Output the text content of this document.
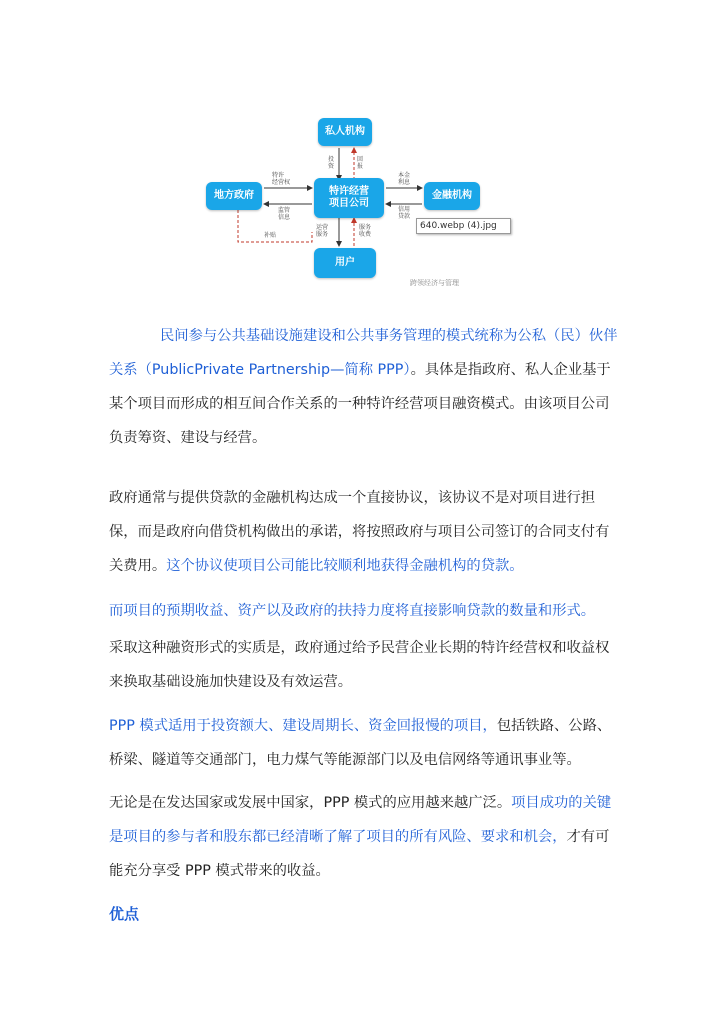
私人机构
地方政府	特许经营
项目公司
金融机构
用户
投
资
回
报
特许
经营权
监管
信息
补贴
本金
利息
信用
贷款
运营
服务
服务
收费
640.webp (4).jpg
跨领经济与管理
民间参与公共基础设施建设和公共事务管理的模式统称为公私（民）伙伴关系（PublicPrivate Partnership—简称 PPP）。具体是指政府、私人企业基于某个项目而形成的相互间合作关系的一种特许经营项目融资模式。由该项目公司负责筹资、建设与经营。
政府通常与提供贷款的金融机构达成一个直接协议，该协议不是对项目进行担保，而是政府向借贷机构做出的承诺，将按照政府与项目公司签订的合同支付有关费用。这个协议使项目公司能比较顺利地获得金融机构的贷款。
而项目的预期收益、资产以及政府的扶持力度将直接影响贷款的数量和形式。
采取这种融资形式的实质是，政府通过给予民营企业长期的特许经营权和收益权来换取基础设施加快建设及有效运营。
PPP 模式适用于投资额大、建设周期长、资金回报慢的项目，包括铁路、公路、桥梁、隧道等交通部门，电力煤气等能源部门以及电信网络等通讯事业等。
无论是在发达国家或发展中国家，PPP 模式的应用越来越广泛。项目成功的关键是项目的参与者和股东都已经清晰了解了项目的所有风险、要求和机会，才有可能充分享受 PPP 模式带来的收益。
优点
